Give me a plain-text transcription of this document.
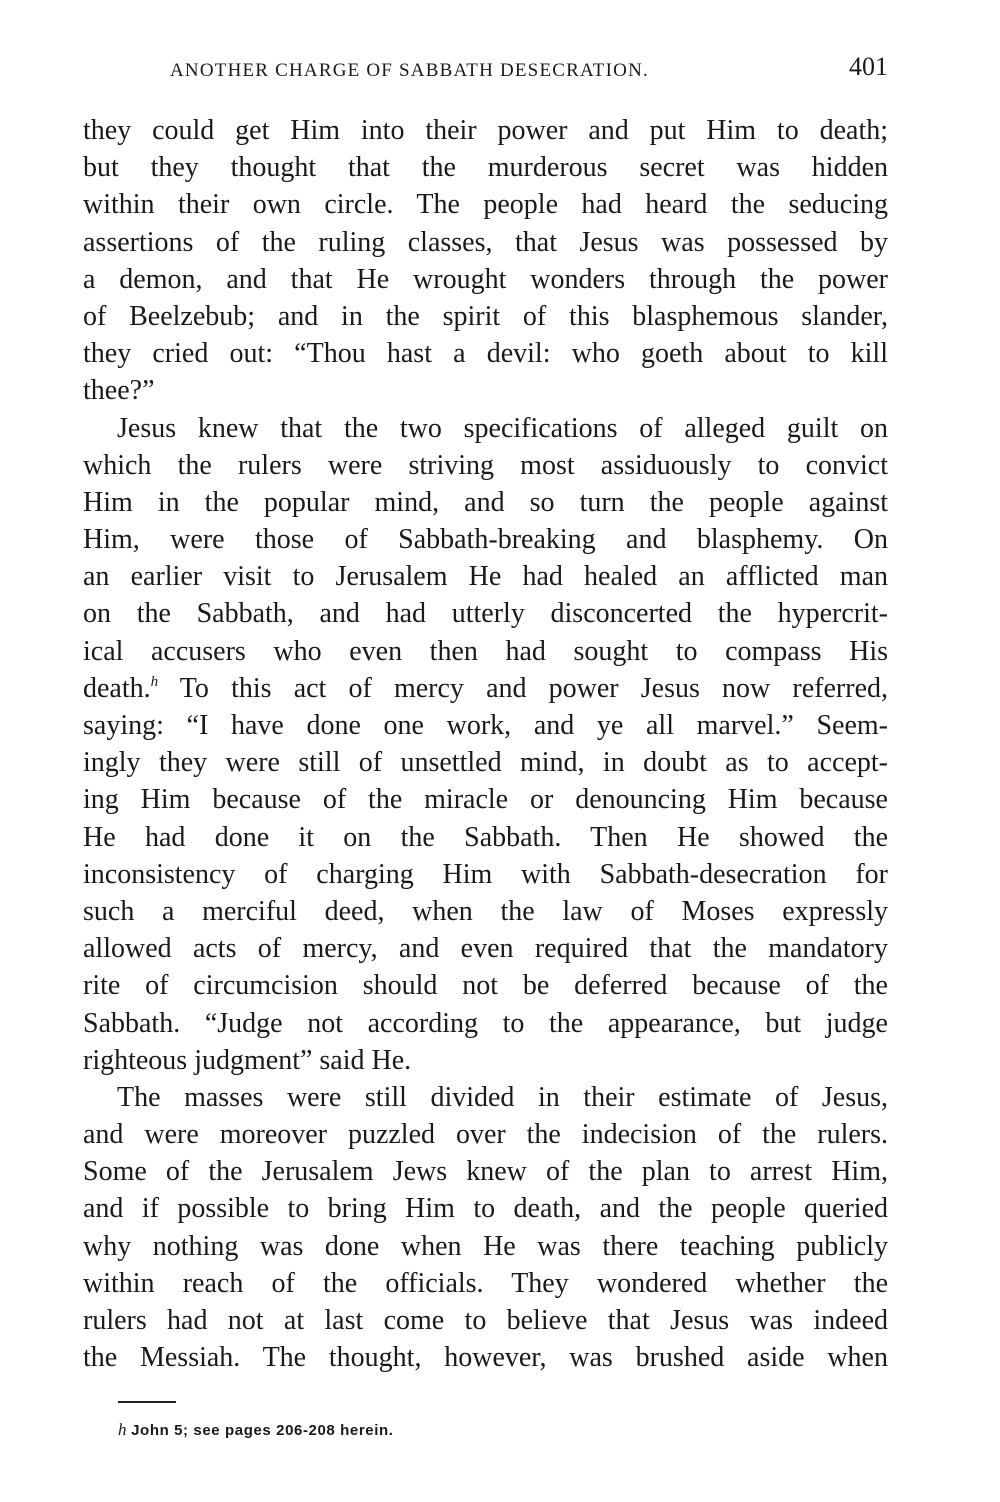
ANOTHER CHARGE OF SABBATH DESECRATION.	401
they could get Him into their power and put Him to death;
but they thought that the murderous secret was hidden
within their own circle. The people had heard the seducing
assertions of the ruling classes, that Jesus was possessed by
a demon, and that He wrought wonders through the power
of Beelzebub; and in the spirit of this blasphemous slander,
they cried out: “Thou hast a devil: who goeth about to kill
thee?”
Jesus knew that the two specifications of alleged guilt on
which the rulers were striving most assiduously to convict
Him in the popular mind, and so turn the people against
Him, were those of Sabbath-breaking and blasphemy. On
an earlier visit to Jerusalem He had healed an afflicted man
on the Sabbath, and had utterly disconcerted the hypercrit-
ical accusers who even then had sought to compass His
death.$^h$ To this act of mercy and power Jesus now referred,
saying: “I have done one work, and ye all marvel.” Seem-
ingly they were still of unsettled mind, in doubt as to accept-
ing Him because of the miracle or denouncing Him because
He had done it on the Sabbath. Then He showed the
inconsistency of charging Him with Sabbath-desecration for
such a merciful deed, when the law of Moses expressly
allowed acts of mercy, and even required that the mandatory
rite of circumcision should not be deferred because of the
Sabbath. “Judge not according to the appearance, but judge
righteous judgment” said He.
The masses were still divided in their estimate of Jesus,
and were moreover puzzled over the indecision of the rulers.
Some of the Jerusalem Jews knew of the plan to arrest Him,
and if possible to bring Him to death, and the people queried
why nothing was done when He was there teaching publicly
within reach of the officials. They wondered whether the
rulers had not at last come to believe that Jesus was indeed
the Messiah. The thought, however, was brushed aside when
h John 5; see pages 206-208 herein.
